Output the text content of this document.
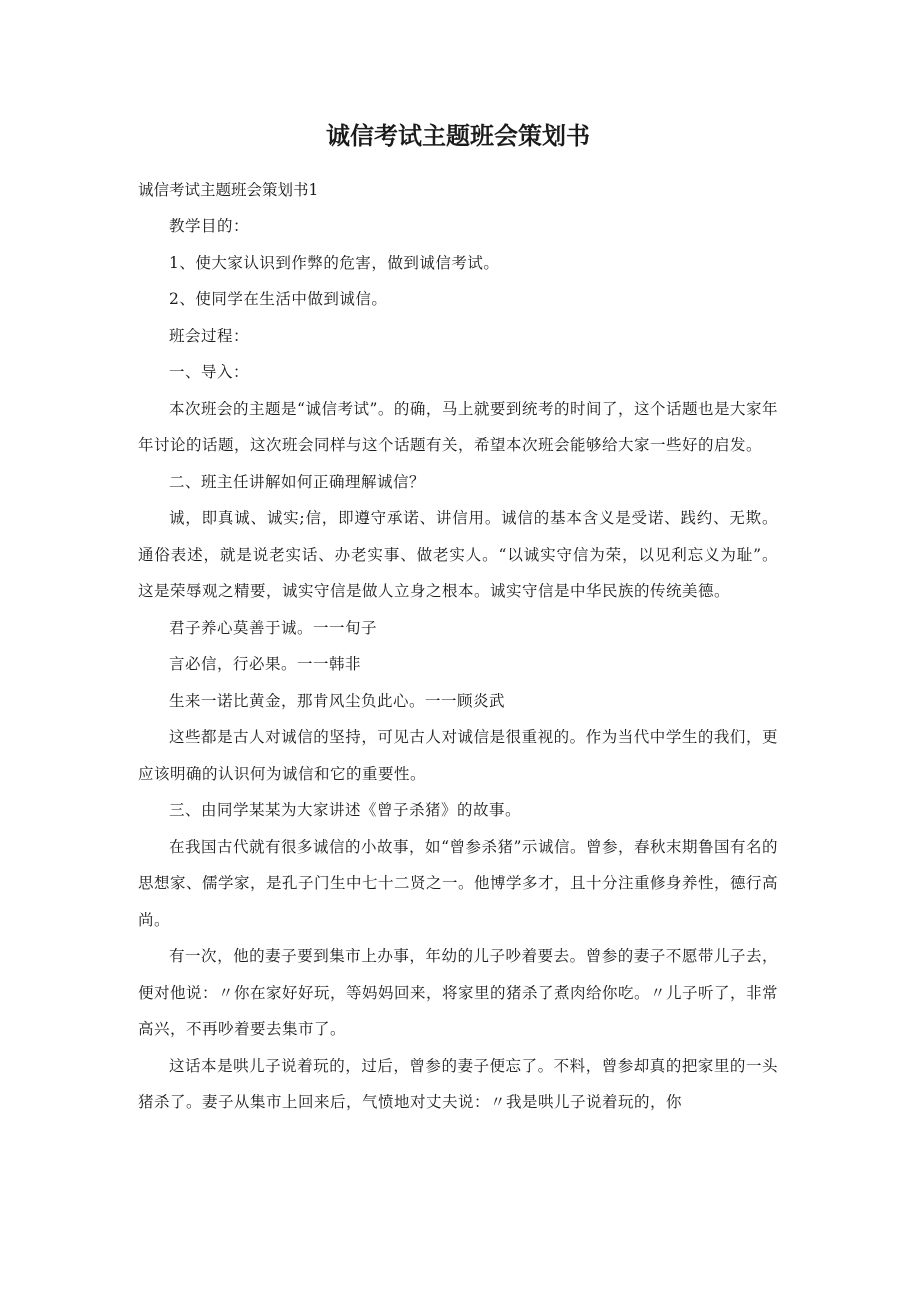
诚信考试主题班会策划书

诚信考试主题班会策划书1

教学目的：

1、使大家认识到作弊的危害，做到诚信考试。

2、使同学在生活中做到诚信。

班会过程：

一、导入：

本次班会的主题是“诚信考试”。的确，马上就要到统考的时间了，这个话题也是大家年年讨论的话题，这次班会同样与这个话题有关，希望本次班会能够给大家一些好的启发。

二、班主任讲解如何正确理解诚信？

诚，即真诚、诚实;信，即遵守承诺、讲信用。诚信的基本含义是受诺、践约、无欺。通俗表述，就是说老实话、办老实事、做老实人。“以诚实守信为荣，以见利忘义为耻”。这是荣辱观之精要，诚实守信是做人立身之根本。诚实守信是中华民族的传统美德。

君子养心莫善于诚。一一旬子

言必信，行必果。一一韩非

生来一诺比黄金，那肯风尘负此心。一一顾炎武

这些都是古人对诚信的坚持，可见古人对诚信是很重视的。作为当代中学生的我们，更应该明确的认识何为诚信和它的重要性。

三、由同学某某为大家讲述《曾子杀猪》的故事。

在我国古代就有很多诚信的小故事，如“曾参杀猪”示诚信。曾参，春秋末期鲁国有名的思想家、儒学家，是孔子门生中七十二贤之一。他博学多才，且十分注重修身养性，德行高尚。

有一次，他的妻子要到集市上办事，年幼的儿子吵着要去。曾参的妻子不愿带儿子去，便对他说：〃你在家好好玩，等妈妈回来，将家里的猪杀了煮肉给你吃。〃儿子听了，非常高兴，不再吵着要去集市了。

这话本是哄儿子说着玩的，过后，曾参的妻子便忘了。不料，曾参却真的把家里的一头猪杀了。妻子从集市上回来后，气愤地对丈夫说：〃我是哄儿子说着玩的，你
